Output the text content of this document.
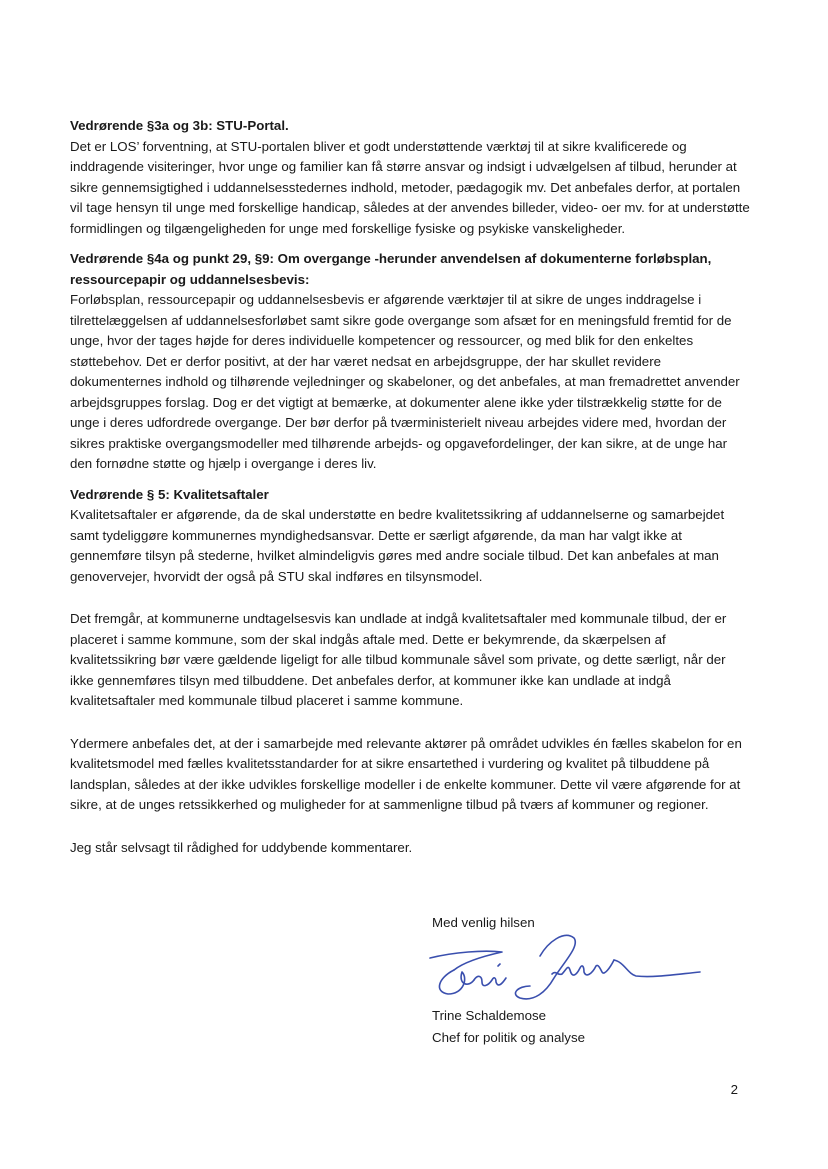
Vedrørende §3a og 3b: STU-Portal.

Det er LOS’ forventning, at STU-portalen bliver et godt understøttende værktøj til at sikre kvalificerede og inddragende visiteringer, hvor unge og familier kan få større ansvar og indsigt i udvælgelsen af tilbud, herunder at sikre gennemsigtighed i uddannelsesstedernes indhold, metoder, pædagogik mv. Det anbefales derfor, at portalen vil tage hensyn til unge med forskellige handicap, således at der anvendes billeder, video- oer mv. for at understøtte formidlingen og tilgængeligheden for unge med forskellige fysiske og psykiske vanskeligheder.

Vedrørende §4a og punkt 29, §9: Om overgange -herunder anvendelsen af dokumenterne forløbsplan, ressourcepapir og uddannelsesbevis:

Forløbsplan, ressourcepapir og uddannelsesbevis er afgørende værktøjer til at sikre de unges inddragelse i tilrettelæggelsen af uddannelsesforløbet samt sikre gode overgange som afsæt for en meningsfuld fremtid for de unge, hvor der tages højde for deres individuelle kompetencer og ressourcer, og med blik for den enkeltes støttebehov. Det er derfor positivt, at der har været nedsat en arbejdsgruppe, der har skullet revidere dokumenternes indhold og tilhørende vejledninger og skabeloner, og det anbefales, at man fremadrettet anvender arbejdsgruppes forslag. Dog er det vigtigt at bemærke, at dokumenter alene ikke yder tilstrækkelig støtte for de unge i deres udfordrede overgange. Der bør derfor på tværministerielt niveau arbejdes videre med, hvordan der sikres praktiske overgangsmodeller med tilhørende arbejds- og opgavefordelinger, der kan sikre, at de unge har den fornødne støtte og hjælp i overgange i deres liv.

Vedrørende § 5: Kvalitetsaftaler

Kvalitetsaftaler er afgørende, da de skal understøtte en bedre kvalitetssikring af uddannelserne og samarbejdet samt tydeliggøre kommunernes myndighedsansvar. Dette er særligt afgørende, da man har valgt ikke at gennemføre tilsyn på stederne, hvilket almindeligvis gøres med andre sociale tilbud. Det kan anbefales at man genovervejer, hvorvidt der også på STU skal indføres en tilsynsmodel.

Det fremgår, at kommunerne undtagelsesvis kan undlade at indgå kvalitetsaftaler med kommunale tilbud, der er placeret i samme kommune, som der skal indgås aftale med. Dette er bekymrende, da skærpelsen af kvalitetssikring bør være gældende ligeligt for alle tilbud kommunale såvel som private, og dette særligt, når der ikke gennemføres tilsyn med tilbuddene. Det anbefales derfor, at kommuner ikke kan undlade at indgå kvalitetsaftaler med kommunale tilbud placeret i samme kommune.

Ydermere anbefales det, at der i samarbejde med relevante aktører på området udvikles én fælles skabelon for en kvalitetsmodel med fælles kvalitetsstandarder for at sikre ensartethed i vurdering og kvalitet på tilbuddene på landsplan, således at der ikke udvikles forskellige modeller i de enkelte kommuner. Dette vil være afgørende for at sikre, at de unges retssikkerhed og muligheder for at sammenligne tilbud på tværs af kommuner og regioner.

Jeg står selvsagt til rådighed for uddybende kommentarer.

Med venlig hilsen
Trine Schaldemose
Chef for politik og analyse
2
